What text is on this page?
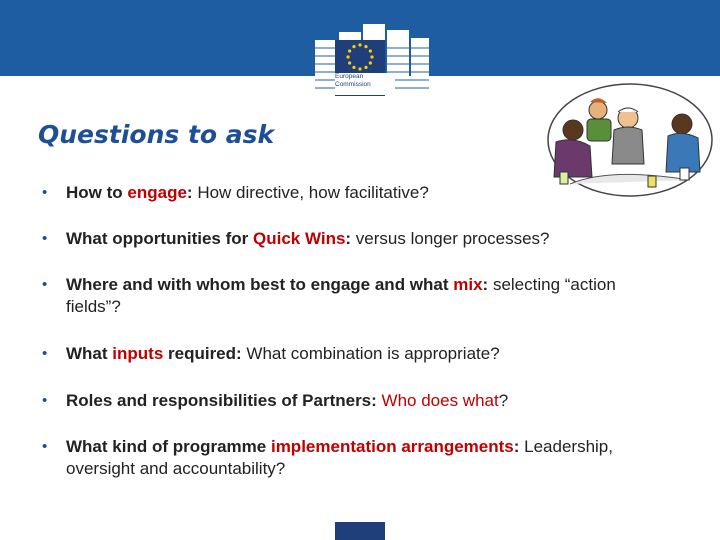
European
Commission
Questions to ask
• How to engage: How directive, how facilitative?
• What opportunities for Quick Wins: versus longer processes?
• Where and with whom best to engage and what mix: selecting “action fields”?
• What inputs required: What combination is appropriate?
• Roles and responsibilities of Partners: Who does what?
• What kind of programme implementation arrangements: Leadership, oversight and accountability?
